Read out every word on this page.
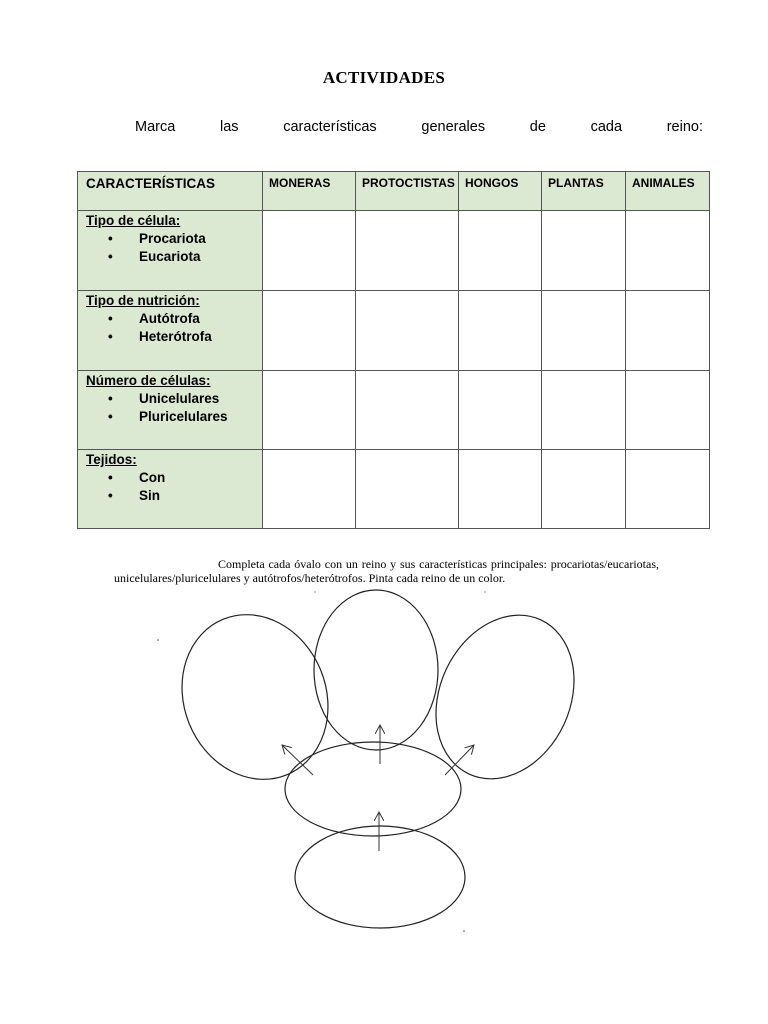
ACTIVIDADES
Marca las características generales de cada reino:
CARACTERÍSTICAS	MONERAS	PROTOCTISTAS	HONGOS	PLANTAS	ANIMALES

Tipo de célula:
• Procariota
• Eucariota					

Tipo de nutrición:
• Autótrofa
• Heterótrofa					

Número de células:
• Unicelulares
• Pluricelulares					

Tejidos:
• Con
• Sin					

Completa cada óvalo con un reino y sus características principales: procariotas/eucariotas, unicelulares/pluricelulares y autótrofos/heterótrofos. Pinta cada reino de un color.
